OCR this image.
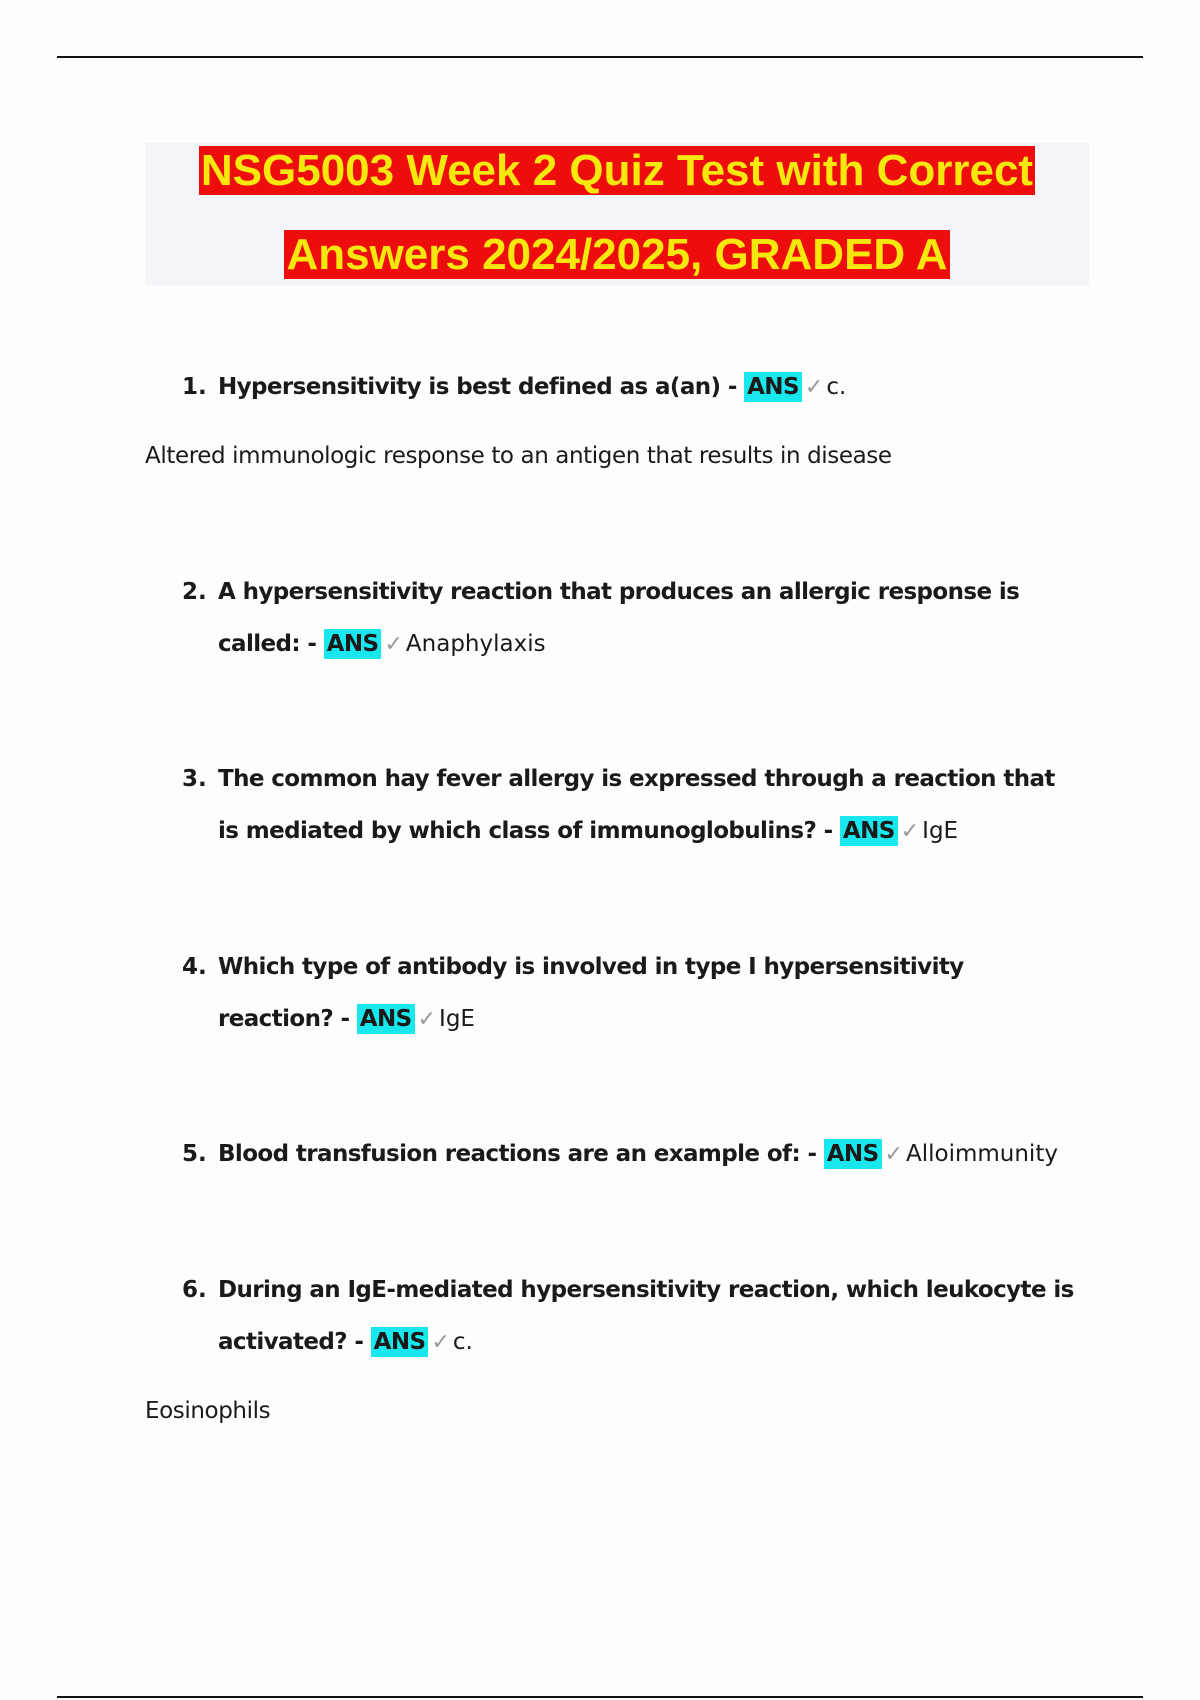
NSG5003 Week 2 Quiz Test with Correct
Answers 2024/2025, GRADED A
1. Hypersensitivity is best defined as a(an) - ANS ✓ c.
Altered immunologic response to an antigen that results in disease
2. A hypersensitivity reaction that produces an allergic response is called: - ANS ✓ Anaphylaxis
3. The common hay fever allergy is expressed through a reaction that is mediated by which class of immunoglobulins? - ANS ✓ IgE
4. Which type of antibody is involved in type I hypersensitivity reaction? - ANS ✓ IgE
5. Blood transfusion reactions are an example of: - ANS ✓ Alloimmunity
6. During an IgE-mediated hypersensitivity reaction, which leukocyte is activated? - ANS ✓ c.
Eosinophils
